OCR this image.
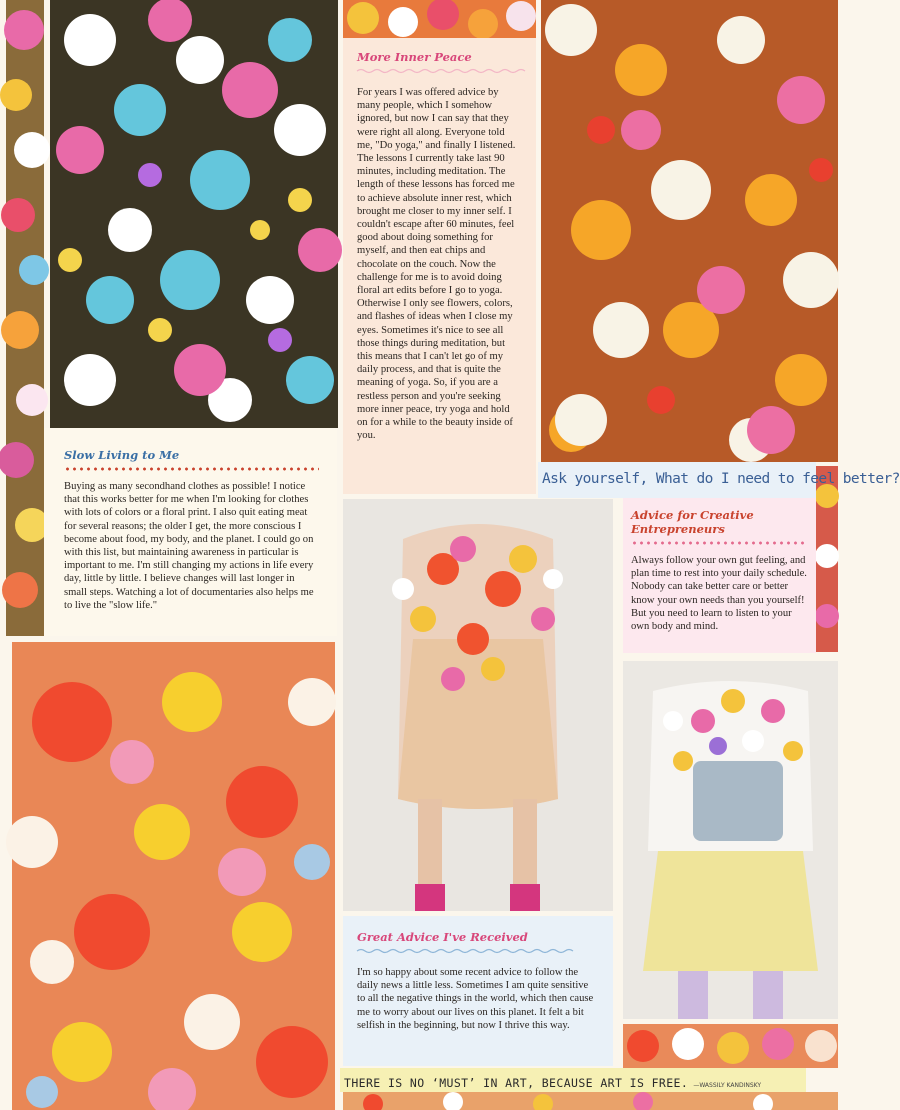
More Inner Peace

For years I was offered advice by many people, which I somehow ignored, but now I can say that they were right all along. Everyone told me, "Do yoga," and finally I listened. The lessons I currently take last 90 minutes, including meditation. The length of these lessons has forced me to achieve absolute inner rest, which brought me closer to my inner self. I couldn't escape after 60 minutes, feel good about doing something for myself, and then eat chips and chocolate on the couch. Now the challenge for me is to avoid doing floral art edits before I go to yoga. Otherwise I only see flowers, colors, and flashes of ideas when I close my eyes. Sometimes it's nice to see all those things during meditation, but this means that I can't let go of my daily process, and that is quite the meaning of yoga. So, if you are a restless person and you're seeking more inner peace, try yoga and hold on for a while to the beauty inside of you.

Slow Living to Me

Buying as many secondhand clothes as possible! I notice that this works better for me when I'm looking for clothes with lots of colors or a floral print. I also quit eating meat for several reasons; the older I get, the more conscious I become about food, my body, and the planet. I could go on with this list, but maintaining awareness in particular is important to me. I'm still changing my actions in life every day, little by little. I believe changes will last longer in small steps. Watching a lot of documentaries also helps me to live the "slow life."

Ask yourself, What do I need to feel better?
Advice for Creative Entrepreneurs

Always follow your own gut feeling, and plan time to rest into your daily schedule. Nobody can take better care or better know your own needs than you yourself! But you need to learn to listen to your own body and mind.

Great Advice I've Received

I'm so happy about some recent advice to follow the daily news a little less. Sometimes I am quite sensitive to all the negative things in the world, which then cause me to worry about our lives on this planet. It felt a bit selfish in the beginning, but now I thrive this way.

THERE IS NO ‘MUST’ IN ART, BECAUSE ART IS FREE. —WASSILY KANDINSKY
